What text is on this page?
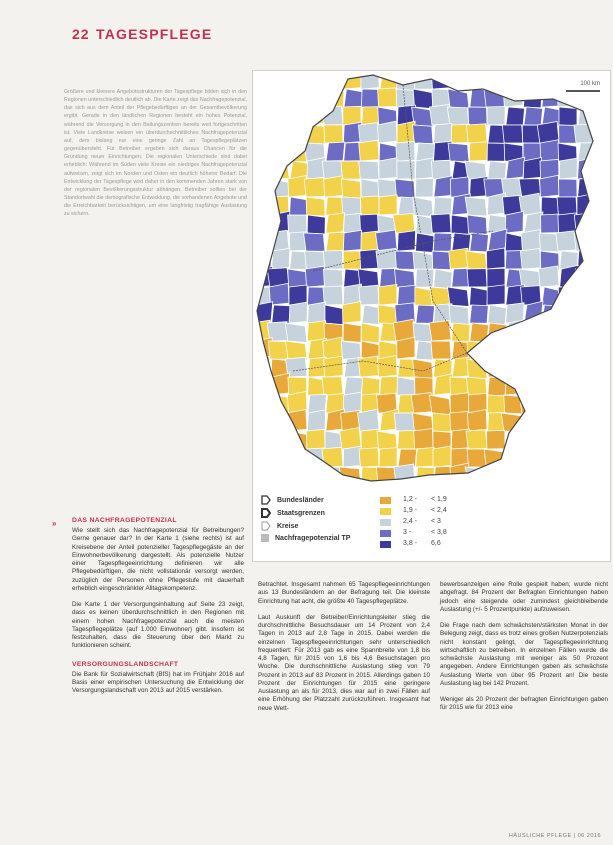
22 TAGESPFLEGE
Größere und kleinere Angebotsstrukturen der Tagespflege bilden sich in den Regionen unterschiedlich deutlich ab. Die Karte zeigt das Nachfragepotenzial, das sich aus dem Anteil der Pflegebedürftigen an der Gesamtbevölkerung ergibt. Gerade in den ländlichen Regionen besteht ein hohes Potenzial, während die Versorgung in den Ballungszentren bereits weit fortgeschritten ist. Viele Landkreise weisen ein überdurchschnittliches Nachfragepotenzial auf, dem bislang nur eine geringe Zahl an Tagespflegeplätzen gegenübersteht. Für Betreiber ergeben sich daraus Chancen für die Gründung neuer Einrichtungen. Die regionalen Unterschiede sind dabei erheblich: Während im Süden viele Kreise ein niedriges Nachfragepotenzial aufweisen, zeigt sich im Norden und Osten ein deutlich höherer Bedarf. Die Entwicklung der Tagespflege wird daher in den kommenden Jahren stark von der regionalen Bevölkerungsstruktur abhängen. Betreiber sollten bei der Standortwahl die demografische Entwicklung, die vorhandenen Angebote und die Erreichbarkeit berücksichtigen, um eine langfristig tragfähige Auslastung zu sichern.
100 km
Bundesländer
Staatsgrenzen
Kreise
Nachfragepotenzial TP
1,2 - < 1,9
1,9 - < 2,4
2,4 - < 3
3 -	< 3,8
3,8 - 6,6
» DAS NACHFRAGEPOTENZIAL
Wie stellt sich das Nachfragepotenzial für Betreibungen? Gerne genauer dar? In der Karte 1 (siehe rechts) ist auf Kreisebene der Anteil potenzieller Tagespflegegäste an der Einwohnerbevölkerung dargestellt. Als potenzielle Nutzer einer Tagespflegeeinrichtung definieren wir alle Pflegebedürftigen, die nicht vollstationär versorgt werden, zuzüglich der Personen ohne Pflegestufe mit dauerhaft erheblich eingeschränkter Alltagskompetenz.
Die Karte 1 der Versorgungsinhaltung auf Seite 23 zeigt, dass es keinen überdurchschnittlich in den Regionen mit einem hohen Nachfragepotenzial auch die meisten Tagespflegeplätze (auf 1.000 Einwohner) gibt. Insofern ist festzuhalten, dass die Steuerung über den Markt zu funktionieren scheint.
VERSORGUNGSLANDSCHAFT
Die Bank für Sozialwirtschaft (BfS) hat im Frühjahr 2016 auf Basis einer empirischen Untersuchung die Entwicklung der Versorgungslandschaft von 2013 auf 2015 verstärken.
Betrachtet. Insgesamt nahmen 65 Tagespflegeeinrichtungen aus 13 Bundesländern an der Befragung teil. Die kleinste Einrichtung hat acht, die größte 40 Tagespflegeplätze.
Laut Auskunft der Betreiber/Einrichtungsleiter stieg die durchschnittliche Besuchsdauer um 14 Prozent von 2,4 Tagen in 2013 auf 2,8 Tage in 2015. Dabei werden die einzelnen Tagespflegeeinrichtungen sehr unterschiedlich frequentiert: Für 2013 gab es eine Spannbreite von 1,8 bis 4,8 Tagen, für 2015 von 1,6 bis 4,6 Besuchstagen pro Woche. Die durchschnittliche Auslastung stieg von 79 Prozent in 2013 auf 83 Prozent in 2015. Allerdings gaben 10 Prozent der Einrichtungen für 2015 eine geringere Auslastung an als für 2013, dies war auf in zwei Fällen auf eine Erhöhung der Platzzahl zurückzuführen. Insgesamt hat neue Wett-
bewerbsanzeigen eine Rolle gespielt haben; wurde nicht abgefragt. 84 Prozent der Befragten Einrichtungen haben jedoch eine steigende oder zumindest gleichbleibende Auslastung (+/- 5 Prozentpunkte) aufzuweisen.
Die Frage nach dem schwächsten/stärksten Monat in der Belegung zeigt, dass es trotz eines großen Nutzerpotenzials nicht konstant gelingt, der Tagespflegeeinrichtung wirtschaftlich zu betreiben. In einzelnen Fällen wurde die schwächste Auslastung mit weniger als 50 Prozent angegeben. Andere Einrichtungen gaben als schwächste Auslastung Werte von über 95 Prozent an! Die beste Auslastung lag bei 142 Prozent.
Weniger als 20 Prozent der befragten Einrichtungen gaben für 2015 wie für 2013 eine
HÄUSLICHE PFLEGE | 06 2016
